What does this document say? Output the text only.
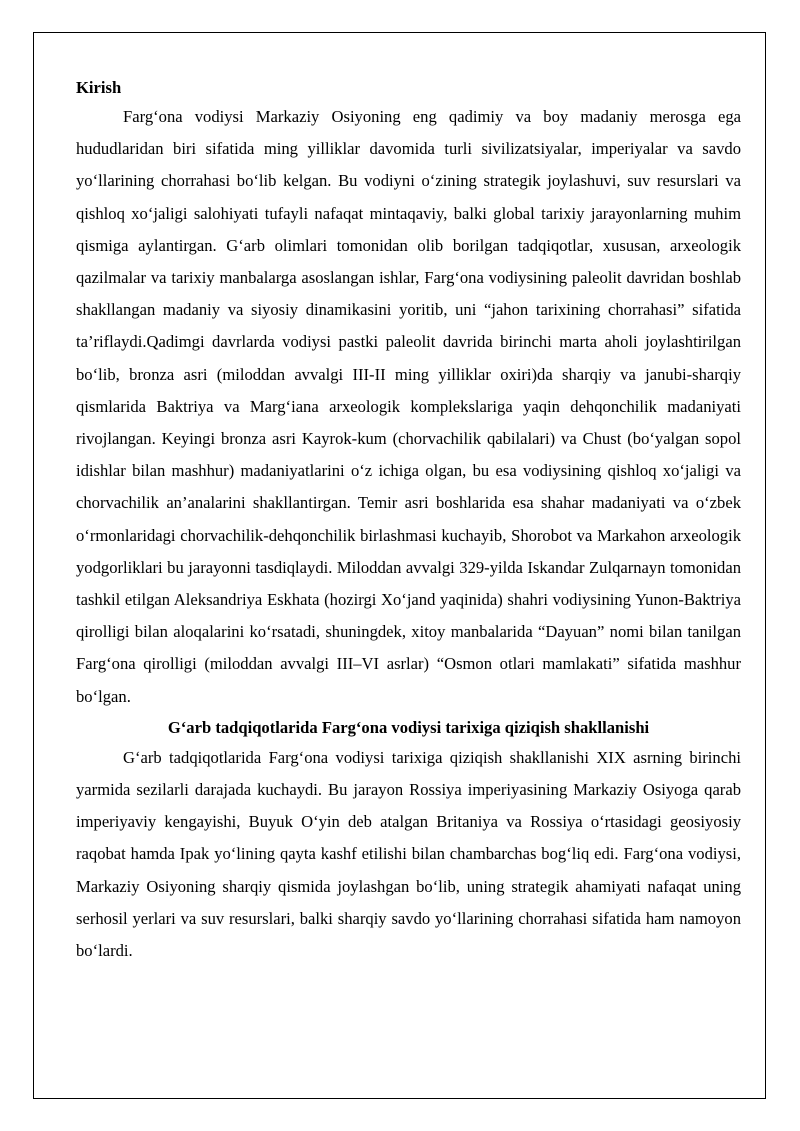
Kirish

Farg‘ona vodiysi Markaziy Osiyoning eng qadimiy va boy madaniy merosga ega hududlaridan biri sifatida ming yilliklar davomida turli sivilizatsiyalar, imperiyalar va savdo yo‘llarining chorrahasi bo‘lib kelgan. Bu vodiyni o‘zining strategik joylashuvi, suv resurslari va qishloq xo‘jaligi salohiyati tufayli nafaqat mintaqaviy, balki global tarixiy jarayonlarning muhim qismiga aylantirgan. G‘arb olimlari tomonidan olib borilgan tadqiqotlar, xususan, arxeologik qazilmalar va tarixiy manbalarga asoslangan ishlar, Farg‘ona vodiysining paleolit davridan boshlab shakllangan madaniy va siyosiy dinamikasini yoritib, uni “jahon tarixining chorrahasi” sifatida ta’riflaydi.Qadimgi davrlarda vodiysi pastki paleolit davrida birinchi marta aholi joylashtirilgan bo‘lib, bronza asri (miloddan avvalgi III-II ming yilliklar oxiri)da sharqiy va janubi-sharqiy qismlarida Baktriya va Marg‘iana arxeologik komplekslariga yaqin dehqonchilik madaniyati rivojlangan. Keyingi bronza asri Kayrok-kum (chorvachilik qabilalari) va Chust (bo‘yalgan sopol idishlar bilan mashhur) madaniyatlarini o‘z ichiga olgan, bu esa vodiysining qishloq xo‘jaligi va chorvachilik an’analarini shakllantirgan. Temir asri boshlarida esa shahar madaniyati va o‘zbek o‘rmonlaridagi chorvachilik-dehqonchilik birlashmasi kuchayib, Shorobot va Markahon arxeologik yodgorliklari bu jarayonni tasdiqlaydi. Miloddan avvalgi 329-yilda Iskandar Zulqarnayn tomonidan tashkil etilgan Aleksandriya Eskhata (hozirgi Xo‘jand yaqinida) shahri vodiysining Yunon-Baktriya qirolligi bilan aloqalarini ko‘rsatadi, shuningdek, xitoy manbalarida “Dayuan” nomi bilan tanilgan Farg‘ona qirolligi (miloddan avvalgi III–VI asrlar) “Osmon otlari mamlakati” sifatida mashhur bo‘lgan.

G‘arb tadqiqotlarida Farg‘ona vodiysi tarixiga qiziqish shakllanishi

G‘arb tadqiqotlarida Farg‘ona vodiysi tarixiga qiziqish shakllanishi XIX asrning birinchi yarmida sezilarli darajada kuchaydi. Bu jarayon Rossiya imperiyasining Markaziy Osiyoga qarab imperiyaviy kengayishi, Buyuk O‘yin deb atalgan Britaniya va Rossiya o‘rtasidagi geosiyosiy raqobat hamda Ipak yo‘lining qayta kashf etilishi bilan chambarchas bog‘liq edi. Farg‘ona vodiysi, Markaziy Osiyoning sharqiy qismida joylashgan bo‘lib, uning strategik ahamiyati nafaqat uning serhosil yerlari va suv resurslari, balki sharqiy savdo yo‘llarining chorrahasi sifatida ham namoyon bo‘lardi.
